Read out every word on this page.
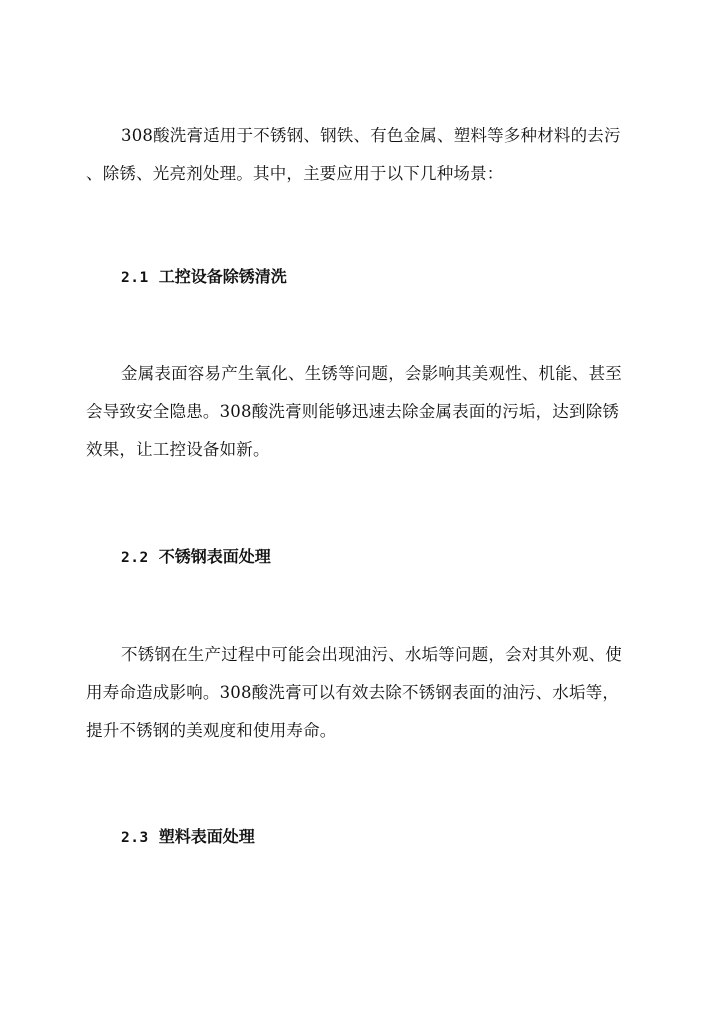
308酸洗膏适用于不锈钢、钢铁、有色金属、塑料等多种材料的去污
、除锈、光亮剂处理。其中，主要应用于以下几种场景：

2.1 工控设备除锈清洗

金属表面容易产生氧化、生锈等问题，会影响其美观性、机能、甚至
会导致安全隐患。308酸洗膏则能够迅速去除金属表面的污垢，达到除锈
效果，让工控设备如新。

2.2 不锈钢表面处理

不锈钢在生产过程中可能会出现油污、水垢等问题，会对其外观、使
用寿命造成影响。308酸洗膏可以有效去除不锈钢表面的油污、水垢等，
提升不锈钢的美观度和使用寿命。

2.3 塑料表面处理
